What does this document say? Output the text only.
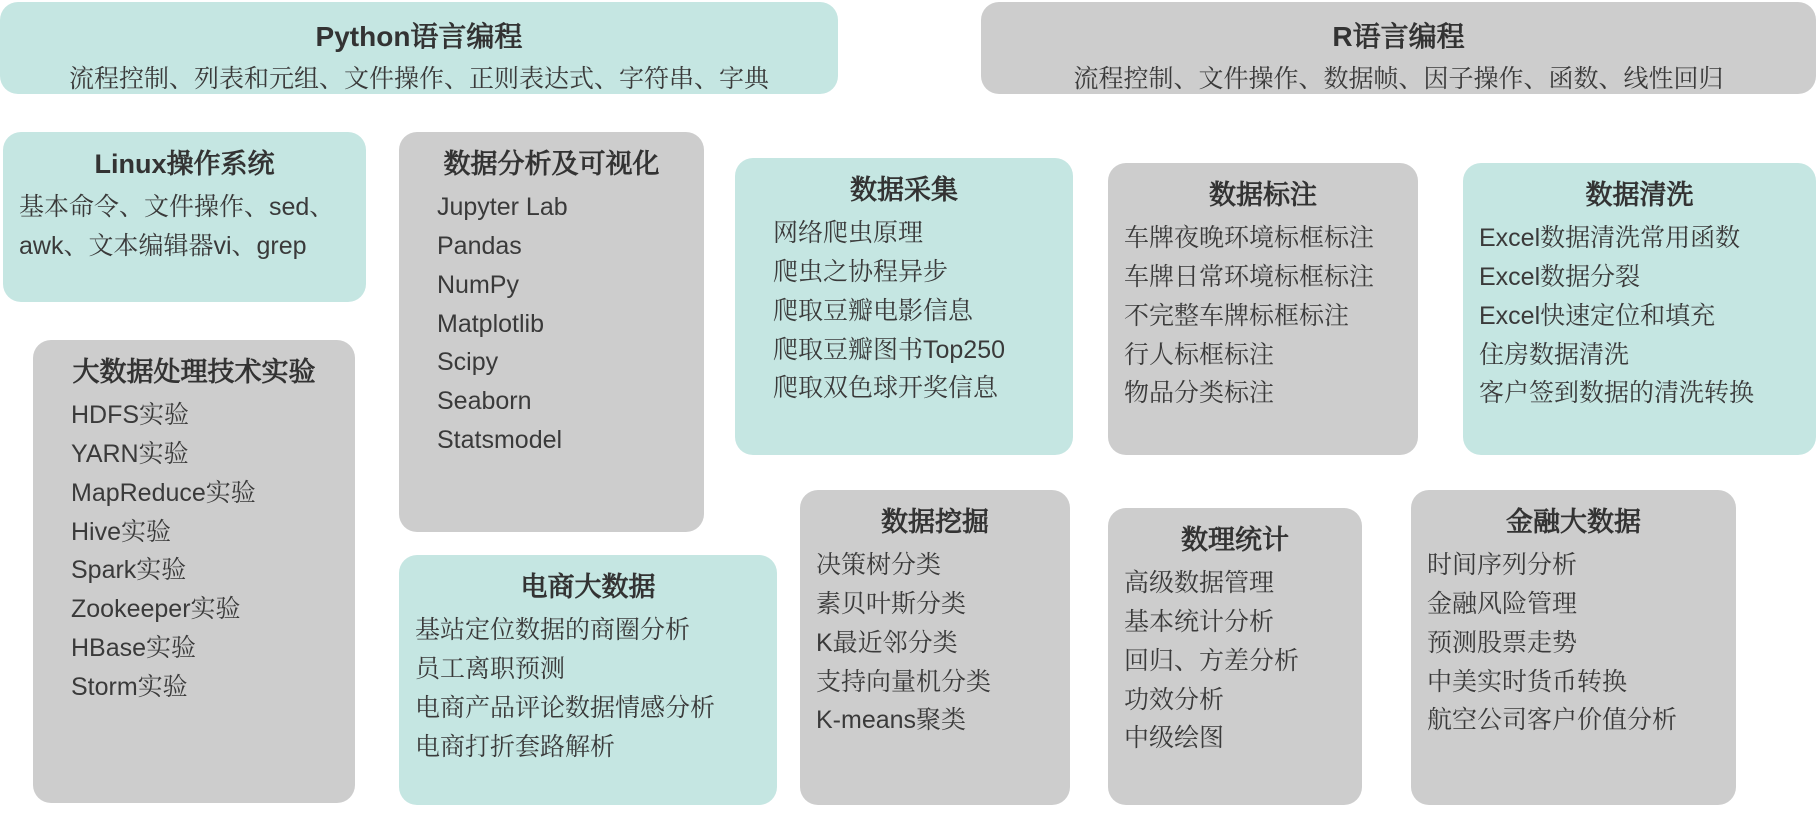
Python语言编程
流程控制、列表和元组、文件操作、正则表达式、字符串、字典
R语言编程
流程控制、文件操作、数据帧、因子操作、函数、线性回归
Linux操作系统
基本命令、文件操作、sed、
awk、文本编辑器vi、grep
数据分析及可视化
Jupyter Lab
Pandas
NumPy
Matplotlib
Scipy
Seaborn
Statsmodel
数据采集
网络爬虫原理
爬虫之协程异步
爬取豆瓣电影信息
爬取豆瓣图书Top250
爬取双色球开奖信息
数据标注
车牌夜晚环境标框标注
车牌日常环境标框标注
不完整车牌标框标注
行人标框标注
物品分类标注
数据清洗
Excel数据清洗常用函数
Excel数据分裂
Excel快速定位和填充
住房数据清洗
客户签到数据的清洗转换
大数据处理技术实验
HDFS实验
YARN实验
MapReduce实验
Hive实验
Spark实验
Zookeeper实验
HBase实验
Storm实验
电商大数据
基站定位数据的商圈分析
员工离职预测
电商产品评论数据情感分析
电商打折套路解析
数据挖掘
决策树分类
素贝叶斯分类
K最近邻分类
支持向量机分类
K-means聚类
数理统计
高级数据管理
基本统计分析
回归、方差分析
功效分析
中级绘图
金融大数据
时间序列分析
金融风险管理
预测股票走势
中美实时货币转换
航空公司客户价值分析
